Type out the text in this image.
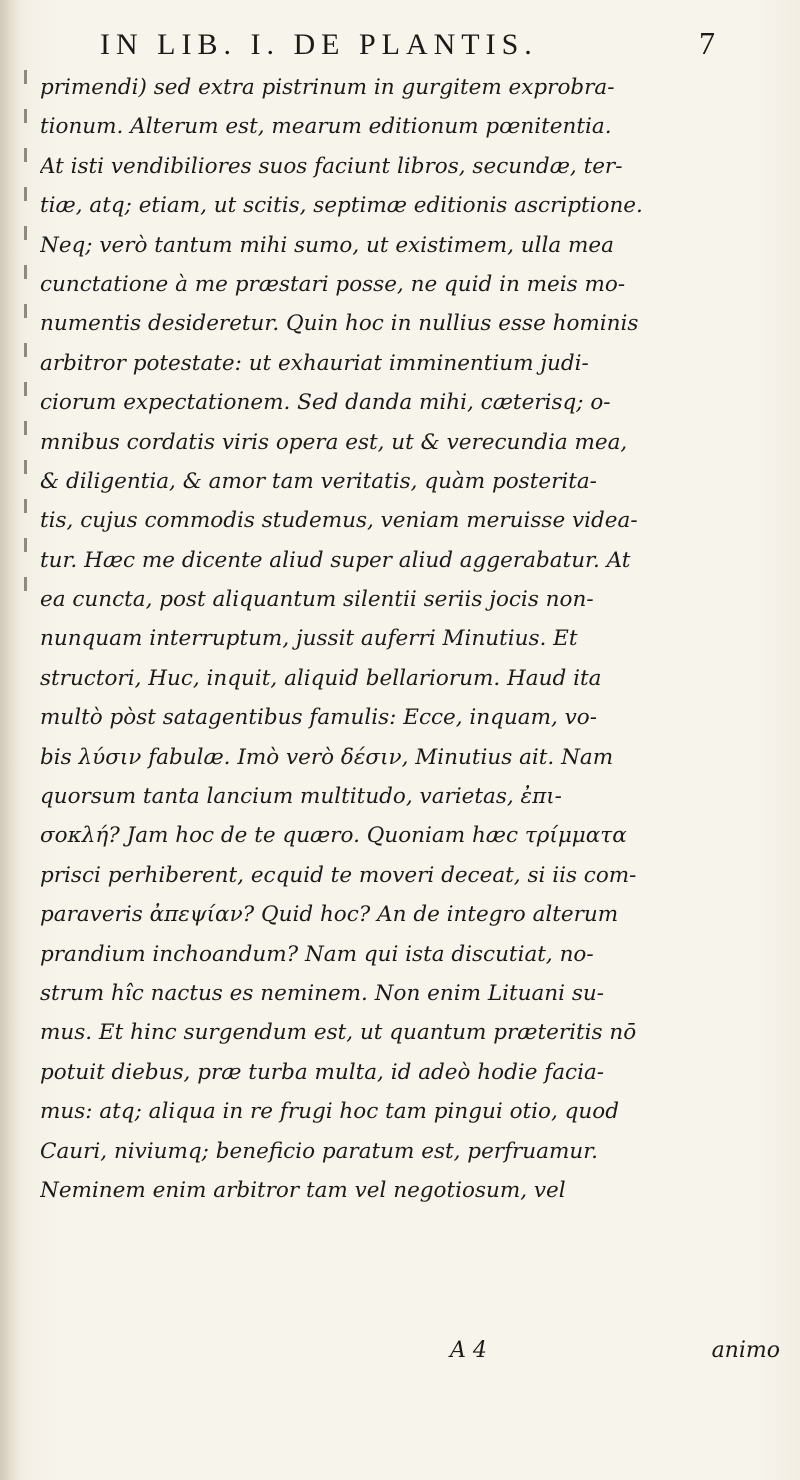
IN LIB. I. DE PLANTIS.	7
primendi) sed extra pistrinum in gurgitem exprobra-
tionum. Alterum est, mearum editionum pœnitentia.
At isti vendibiliores suos faciunt libros, secundæ, ter-
tiæ, atq; etiam, ut scitis, septimæ editionis ascriptione.
Neq; verò tantum mihi sumo, ut existimem, ulla mea
cunctatione à me præstari posse, ne quid in meis mo-
numentis desideretur. Quin hoc in nullius esse hominis
arbitror potestate: ut exhauriat imminentium judi-
ciorum expectationem. Sed danda mihi, cæterisq; o-
mnibus cordatis viris opera est, ut & verecundia mea,
& diligentia, & amor tam veritatis, quàm posterita-
tis, cujus commodis studemus, veniam meruisse videa-
tur. Hæc me dicente aliud super aliud aggerabatur. At
ea cuncta, post aliquantum silentii seriis jocis non-
nunquam interruptum, jussit auferri Minutius. Et
structori, Huc, inquit, aliquid bellariorum. Haud ita
multò pòst satagentibus famulis: Ecce, inquam, vo-
bis λύσιν fabulæ. Imò verò δέσιν, Minutius ait. Nam
quorsum tanta lancium multitudo, varietas, ἐπι-
σοκλή? Jam hoc de te quæro. Quoniam hæc τρίμματα
prisci perhiberent, ecquid te moveri deceat, si iis com-
paraveris ἀπεψίαν? Quid hoc? An de integro alterum
prandium inchoandum? Nam qui ista discutiat, no-
strum hîc nactus es neminem. Non enim Lituani su-
mus. Et hinc surgendum est, ut quantum præteritis nō
potuit diebus, præ turba multa, id adeò hodie facia-
mus: atq; aliqua in re frugi hoc tam pingui otio, quod
Cauri, niviumq; beneficio paratum est, perfruamur.
Neminem enim arbitror tam vel negotiosum, vel
A 4	animo
